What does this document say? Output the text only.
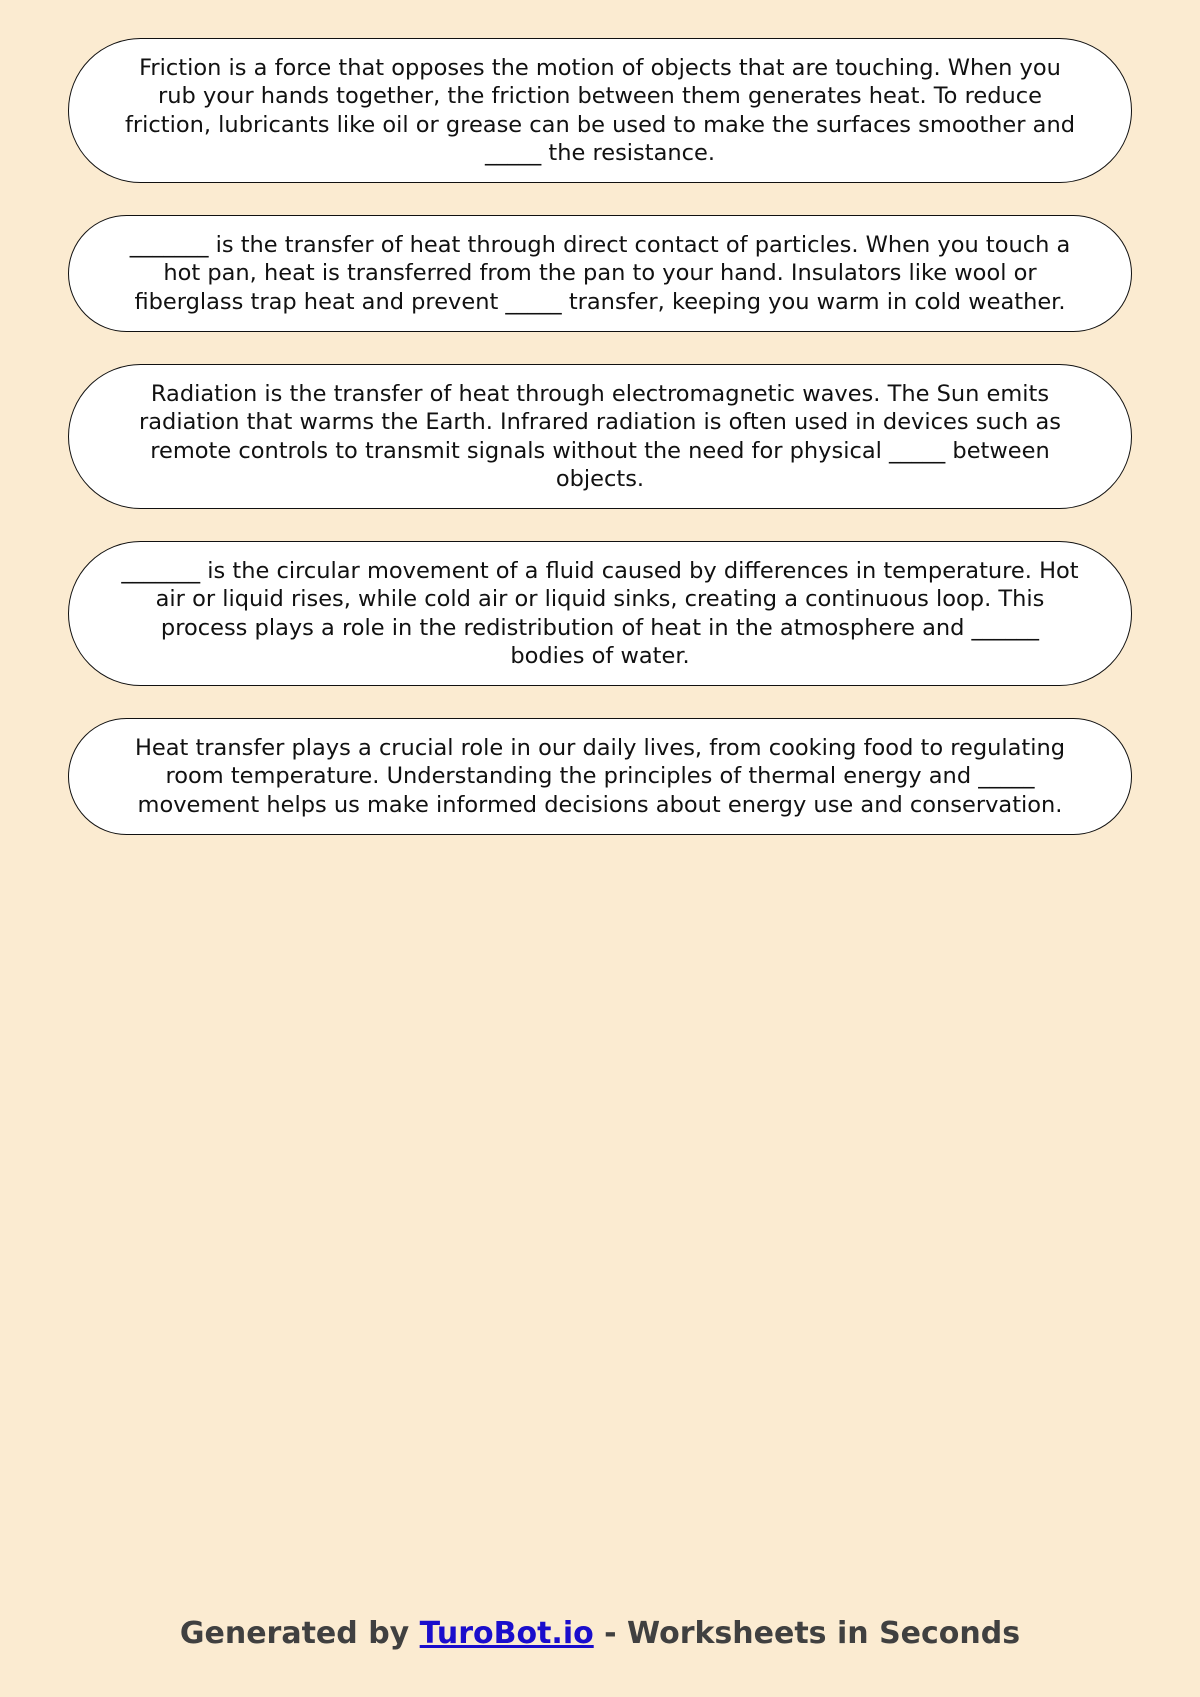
Friction is a force that opposes the motion of objects that are touching. When you
rub your hands together, the friction between them generates heat. To reduce
friction, lubricants like oil or grease can be used to make the surfaces smoother and
_____ the resistance.
_______ is the transfer of heat through direct contact of particles. When you touch a
hot pan, heat is transferred from the pan to your hand. Insulators like wool or
fiberglass trap heat and prevent _____ transfer, keeping you warm in cold weather.
Radiation is the transfer of heat through electromagnetic waves. The Sun emits
radiation that warms the Earth. Infrared radiation is often used in devices such as
remote controls to transmit signals without the need for physical _____ between
objects.
_______ is the circular movement of a fluid caused by differences in temperature. Hot
air or liquid rises, while cold air or liquid sinks, creating a continuous loop. This
process plays a role in the redistribution of heat in the atmosphere and ______
bodies of water.
Heat transfer plays a crucial role in our daily lives, from cooking food to regulating
room temperature. Understanding the principles of thermal energy and _____
movement helps us make informed decisions about energy use and conservation.
Generated by TuroBot.io - Worksheets in Seconds
